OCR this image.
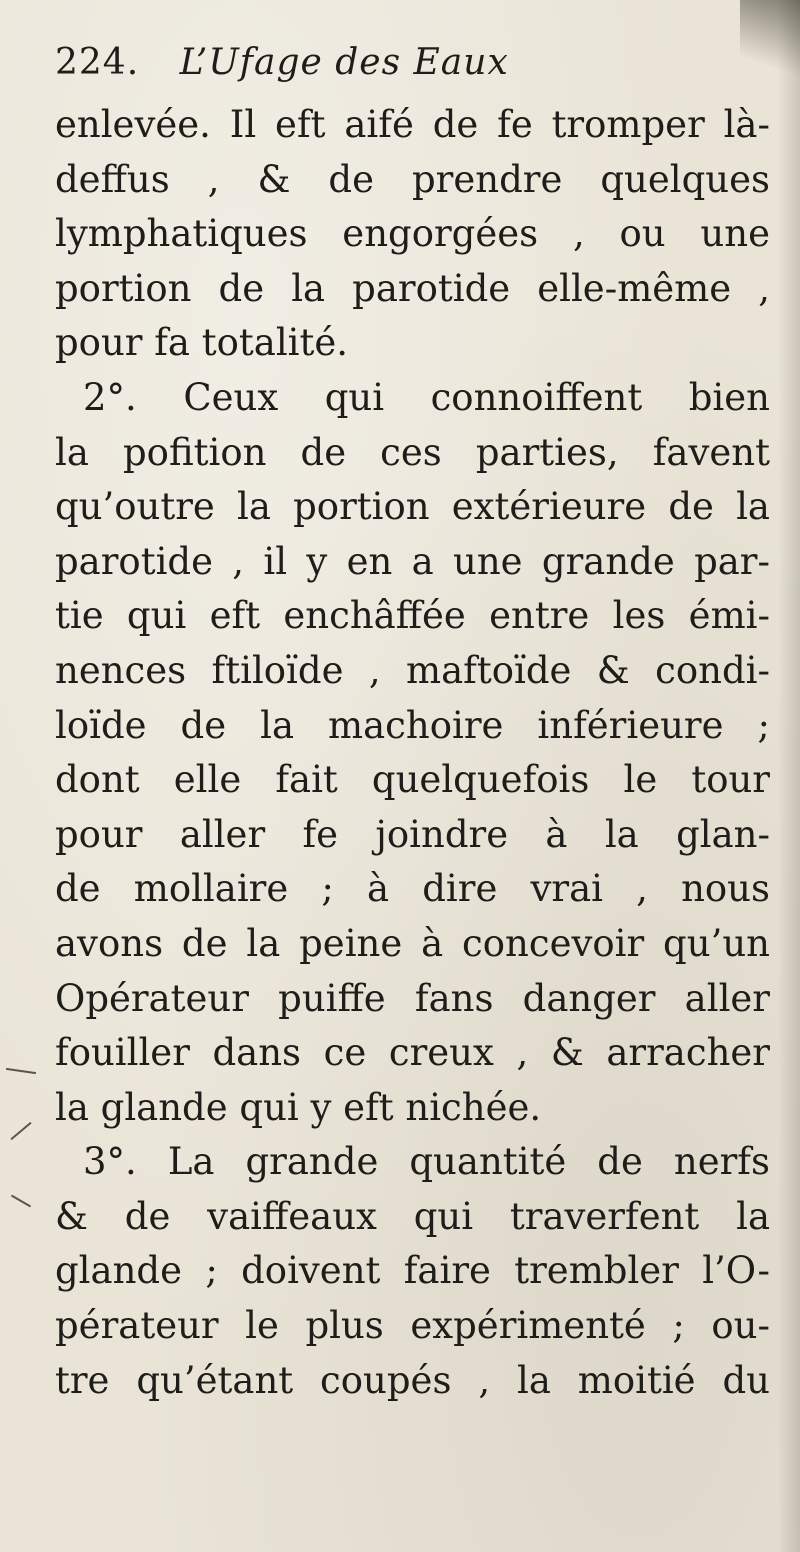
224. L’Ufage des Eaux
enlevée. Il eft aifé de fe tromper là-
deffus , & de prendre quelques
lymphatiques engorgées , ou une
portion de la parotide elle-même ,
pour fa totalité.
2°. Ceux qui connoiffent bien
la pofition de ces parties, favent
qu’outre la portion extérieure de la
parotide , il y en a une grande par-
tie qui eft enchâffée entre les émi-
nences ftiloïde , maftoïde & condi-
loïde de la machoire inférieure ;
dont elle fait quelquefois le tour
pour aller fe joindre à la glan-
de mollaire ; à dire vrai , nous
avons de la peine à concevoir qu’un
Opérateur puiffe fans danger aller
fouiller dans ce creux , & arracher
la glande qui y eft nichée.
3°. La grande quantité de nerfs
& de vaiffeaux qui traverfent la
glande ; doivent faire trembler l’O-
pérateur le plus expérimenté ; ou-
tre qu’étant coupés , la moitié du
